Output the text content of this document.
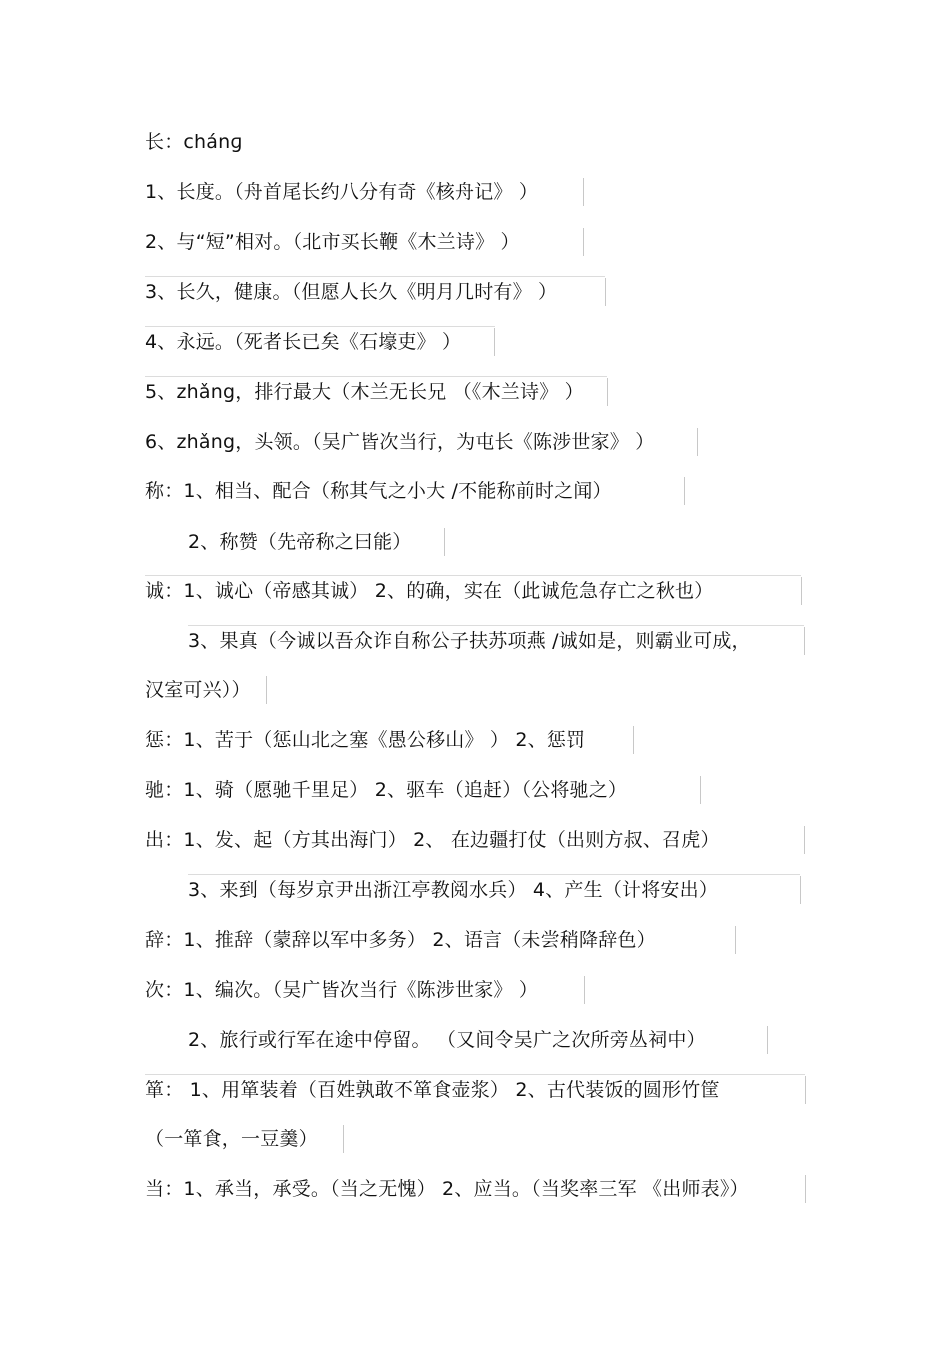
长：chánɡ
1、长度。（舟首尾长约八分有奇《核舟记》 ）
2、与“短”相对。（北市买长鞭《木兰诗》 ）
3、长久，健康。（但愿人长久《明月几时有》 ）
4、永远。（死者长已矣《石壕吏》 ）
5、zhǎng，排行最大（木兰无长兄 （《木兰诗》 ）
6、zhǎng，头领。（吴广皆次当行，为屯长《陈涉世家》 ）
称：1、相当、配合（称其气之小大 /不能称前时之闻）
2、称赞（先帝称之曰能）
诚：1、诚心（帝感其诚） 2、的确，实在（此诚危急存亡之秋也）
3、果真（今诚以吾众诈自称公子扶苏项燕 /诚如是，则霸业可成，
汉室可兴））
惩：1、苦于（惩山北之塞《愚公移山》 ） 2、惩罚
驰：1、骑（愿驰千里足） 2、驱车（追赶）（公将驰之）
出：1、发、起（方其出海门） 2、 在边疆打仗（出则方叔、召虎）
3、来到（每岁京尹出浙江亭教阅水兵） 4、产生（计将安出）
辞：1、推辞（蒙辞以军中多务） 2、语言（未尝稍降辞色）
次：1、编次。（吴广皆次当行《陈涉世家》 ）
2、旅行或行军在途中停留。 （又间令吴广之次所旁丛祠中）
箪： 1、用箪装着（百姓孰敢不箪食壶浆） 2、古代装饭的圆形竹筐
（一箪食，一豆羹）
当：1、承当，承受。（当之无愧） 2、应当。（当奖率三军 《出师表》）
